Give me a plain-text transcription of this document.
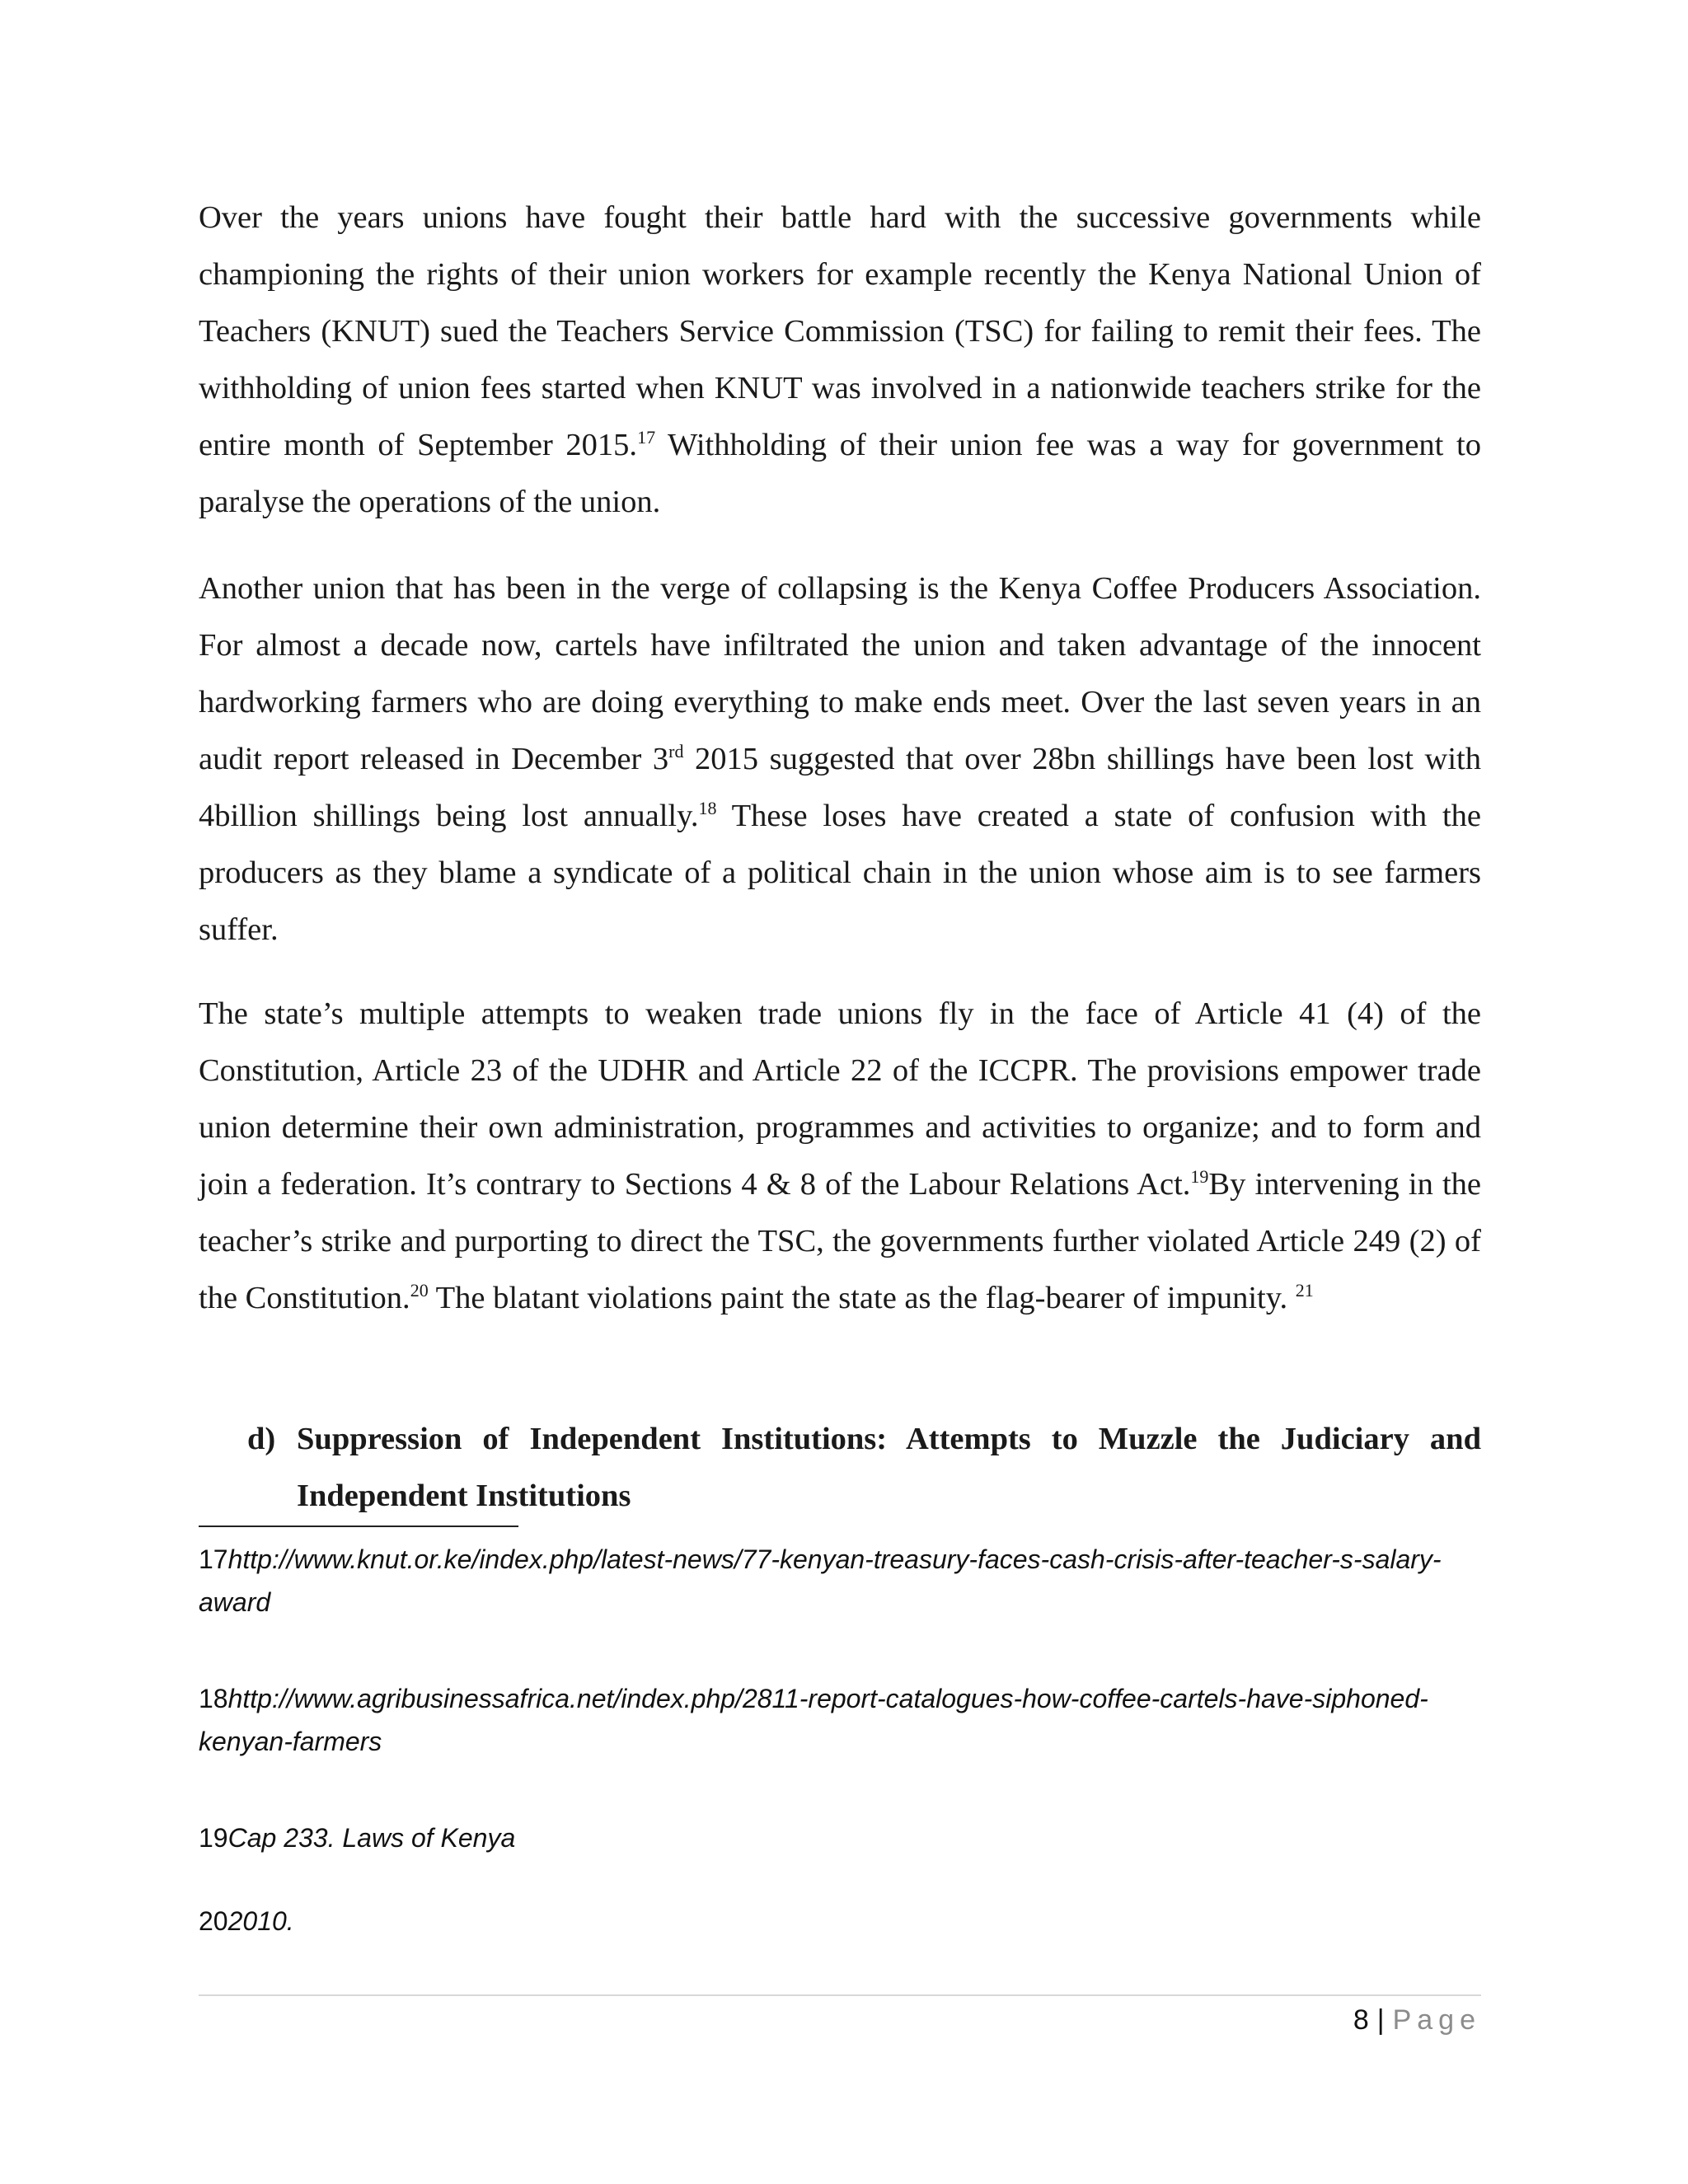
Over the years unions have fought their battle hard with the successive governments while championing the rights of their union workers for example recently the Kenya National Union of Teachers (KNUT) sued the Teachers Service Commission (TSC) for failing to remit their fees. The withholding of union fees started when KNUT was involved in a nationwide teachers strike for the entire month of September 2015.17 Withholding of their union fee was a way for government to paralyse the operations of the union.

Another union that has been in the verge of collapsing is the Kenya Coffee Producers Association. For almost a decade now, cartels have infiltrated the union and taken advantage of the innocent hardworking farmers who are doing everything to make ends meet. Over the last seven years in an audit report released in December 3rd 2015 suggested that over 28bn shillings have been lost with 4billion shillings being lost annually.$^{18}$ These loses have created a state of confusion with the producers as they blame a syndicate of a political chain in the union whose aim is to see farmers suffer.

The state’s multiple attempts to weaken trade unions fly in the face of Article 41 (4) of the Constitution, Article 23 of the UDHR and Article 22 of the ICCPR. The provisions empower trade union determine their own administration, programmes and activities to organize; and to form and join a federation. It’s contrary to Sections 4 & 8 of the Labour Relations Act.$^{19}$By intervening in the teacher’s strike and purporting to direct the TSC, the governments further violated Article 249 (2) of the Constitution.$^{20}$ The blatant violations paint the state as the flag-bearer of impunity. $^{21}$

d) Suppression of Independent Institutions: Attempts to Muzzle the Judiciary and Independent Institutions

17http://www.knut.or.ke/index.php/latest-news/77-kenyan-treasury-faces-cash-crisis-after-teacher-s-salary-award

18http://www.agribusinessafrica.net/index.php/2811-report-catalogues-how-coffee-cartels-have-siphoned-kenyan-farmers

19Cap 233. Laws of Kenya

202010.

8 | Page
